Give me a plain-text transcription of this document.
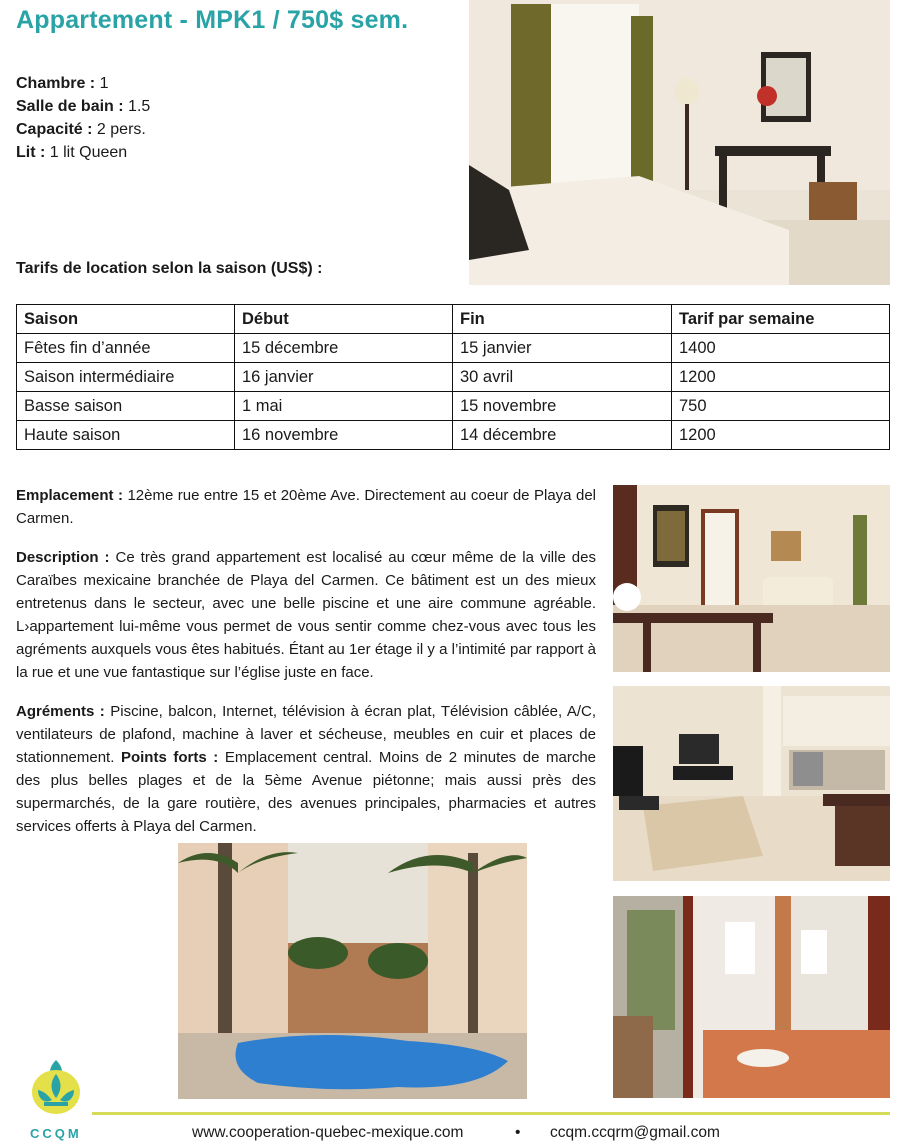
Appartement - MPK1 / 750$ sem.
Chambre : 1
Salle de bain : 1.5
Capacité : 2 pers.
Lit : 1 lit Queen
Tarifs de location selon la saison (US$) :
Saison	Début	Fin	Tarif par semaine
Fêtes fin d’année	15 décembre	15 janvier	1400
Saison intermédiaire	16 janvier	30 avril	1200
Basse saison	1 mai	15 novembre	750
Haute saison	16 novembre	14 décembre	1200

Emplacement : 12ème rue entre 15 et 20ème Ave. Directement au coeur de Playa del Carmen.

Description : Ce très grand appartement est localisé au cœur même de la ville des Caraïbes mexicaine branchée de Playa del Carmen. Ce bâtiment est un des mieux entretenus dans le secteur, avec une belle piscine et une aire commune agréable. L›appartement lui-même vous permet de vous sentir comme chez-vous avec tous les agréments auxquels vous êtes habitués. Étant au 1er étage il y a l’intimité par rapport à la rue et une vue fantastique sur l’église juste en face.

Agréments : Piscine, balcon, Internet, télévision à écran plat, Télévision câblée, A/C, ventilateurs de plafond, machine à laver et sécheuse, meubles en cuir et places de stationnement. Points forts : Emplacement central. Moins de 2 minutes de marche des plus belles plages et de la 5ème Avenue piétonne; mais aussi près des supermarchés, de la gare routière, des avenues principales, pharmacies et autres services offerts à Playa del Carmen.

CCQM	www.cooperation-quebec-mexique.com	• ccqm.ccqrm@gmail.com
